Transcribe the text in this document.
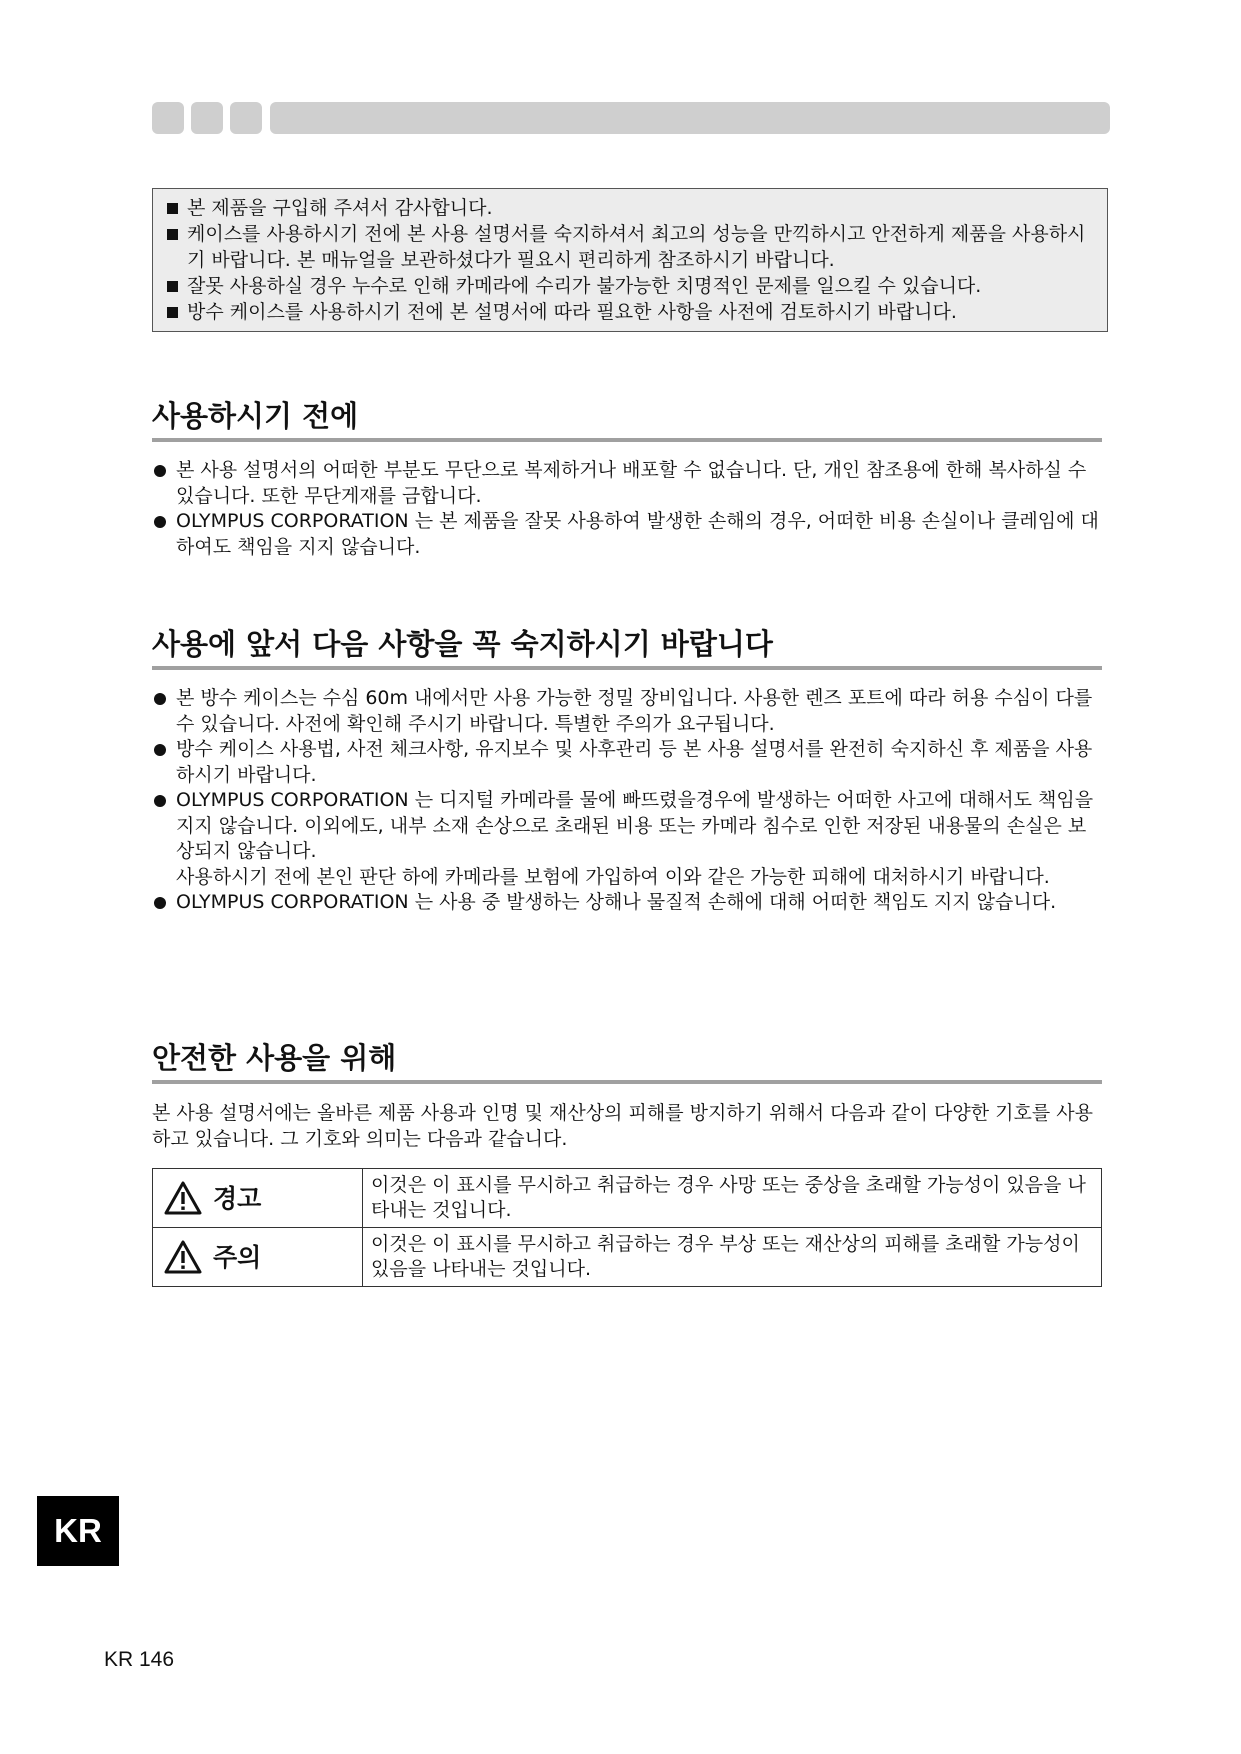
본 제품을 구입해 주셔서 감사합니다.
케이스를 사용하시기 전에 본 사용 설명서를 숙지하셔서 최고의 성능을 만끽하시고 안전하게 제품을 사용하시기 바랍니다. 본 매뉴얼을 보관하셨다가 필요시 편리하게 참조하시기 바랍니다.
잘못 사용하실 경우 누수로 인해 카메라에 수리가 불가능한 치명적인 문제를 일으킬 수 있습니다.
방수 케이스를 사용하시기 전에 본 설명서에 따라 필요한 사항을 사전에 검토하시기 바랍니다.
사용하시기 전에
본 사용 설명서의 어떠한 부분도 무단으로 복제하거나 배포할 수 없습니다. 단, 개인 참조용에 한해 복사하실 수 있습니다. 또한 무단게재를 금합니다.
OLYMPUS CORPORATION 는 본 제품을 잘못 사용하여 발생한 손해의 경우, 어떠한 비용 손실이나 클레임에 대하여도 책임을 지지 않습니다.
사용에 앞서 다음 사항을 꼭 숙지하시기 바랍니다
본 방수 케이스는 수심 60m 내에서만 사용 가능한 정밀 장비입니다. 사용한 렌즈 포트에 따라 허용 수심이 다를 수 있습니다. 사전에 확인해 주시기 바랍니다. 특별한 주의가 요구됩니다.
방수 케이스 사용법, 사전 체크사항, 유지보수 및 사후관리 등 본 사용 설명서를 완전히 숙지하신 후 제품을 사용하시기 바랍니다.
OLYMPUS CORPORATION 는 디지털 카메라를 물에 빠뜨렸을경우에 발생하는 어떠한 사고에 대해서도 책임을 지지 않습니다. 이외에도, 내부 소재 손상으로 초래된 비용 또는 카메라 침수로 인한 저장된 내용물의 손실은 보상되지 않습니다.
사용하시기 전에 본인 판단 하에 카메라를 보험에 가입하여 이와 같은 가능한 피해에 대처하시기 바랍니다.
OLYMPUS CORPORATION 는 사용 중 발생하는 상해나 물질적 손해에 대해 어떠한 책임도 지지 않습니다.
안전한 사용을 위해
본 사용 설명서에는 올바른 제품 사용과 인명 및 재산상의 피해를 방지하기 위해서 다음과 같이 다양한 기호를 사용하고 있습니다. 그 기호와 의미는 다음과 같습니다.
경고	이것은 이 표시를 무시하고 취급하는 경우 사망 또는 중상을 초래할 가능성이 있음을 나타내는 것입니다.

주의	이것은 이 표시를 무시하고 취급하는 경우 부상 또는 재산상의 피해를 초래할 가능성이 있음을 나타내는 것입니다.
KR
KR 146
